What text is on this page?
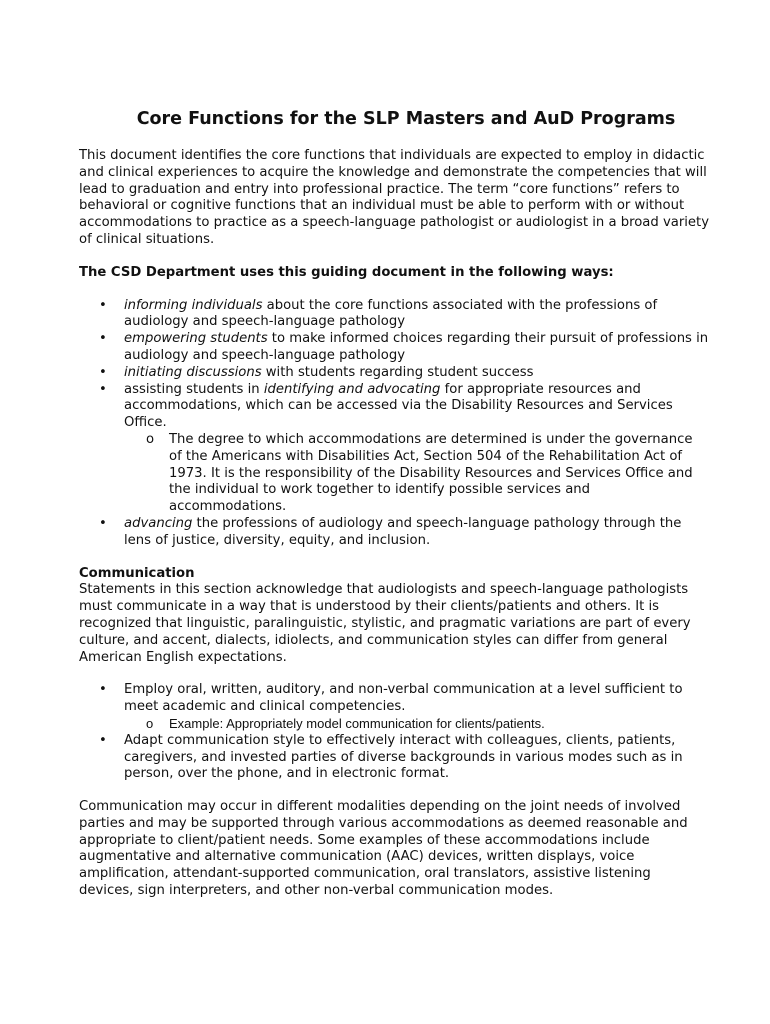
Core Functions for the SLP Masters and AuD Programs

This document identifies the core functions that individuals are expected to employ in didactic and clinical experiences to acquire the knowledge and demonstrate the competencies that will lead to graduation and entry into professional practice. The term “core functions” refers to behavioral or cognitive functions that an individual must be able to perform with or without accommodations to practice as a speech-language pathologist or audiologist in a broad variety of clinical situations.

The CSD Department uses this guiding document in the following ways:

• informing individuals about the core functions associated with the professions of audiology and speech-language pathology
• empowering students to make informed choices regarding their pursuit of professions in audiology and speech-language pathology
• initiating discussions with students regarding student success
• assisting students in identifying and advocating for appropriate resources and accommodations, which can be accessed via the Disability Resources and Services Office.
o The degree to which accommodations are determined is under the governance of the Americans with Disabilities Act, Section 504 of the Rehabilitation Act of 1973. It is the responsibility of the Disability Resources and Services Office and the individual to work together to identify possible services and accommodations.
• advancing the professions of audiology and speech-language pathology through the lens of justice, diversity, equity, and inclusion.
Communication

Statements in this section acknowledge that audiologists and speech-language pathologists must communicate in a way that is understood by their clients/patients and others. It is recognized that linguistic, paralinguistic, stylistic, and pragmatic variations are part of every culture, and accent, dialects, idiolects, and communication styles can differ from general American English expectations.

• Employ oral, written, auditory, and non-verbal communication at a level sufficient to meet academic and clinical competencies.
o Example: Appropriately model communication for clients/patients.
• Adapt communication style to effectively interact with colleagues, clients, patients, caregivers, and invested parties of diverse backgrounds in various modes such as in person, over the phone, and in electronic format.

Communication may occur in different modalities depending on the joint needs of involved parties and may be supported through various accommodations as deemed reasonable and appropriate to client/patient needs. Some examples of these accommodations include augmentative and alternative communication (AAC) devices, written displays, voice amplification, attendant-supported communication, oral translators, assistive listening devices, sign interpreters, and other non-verbal communication modes.
